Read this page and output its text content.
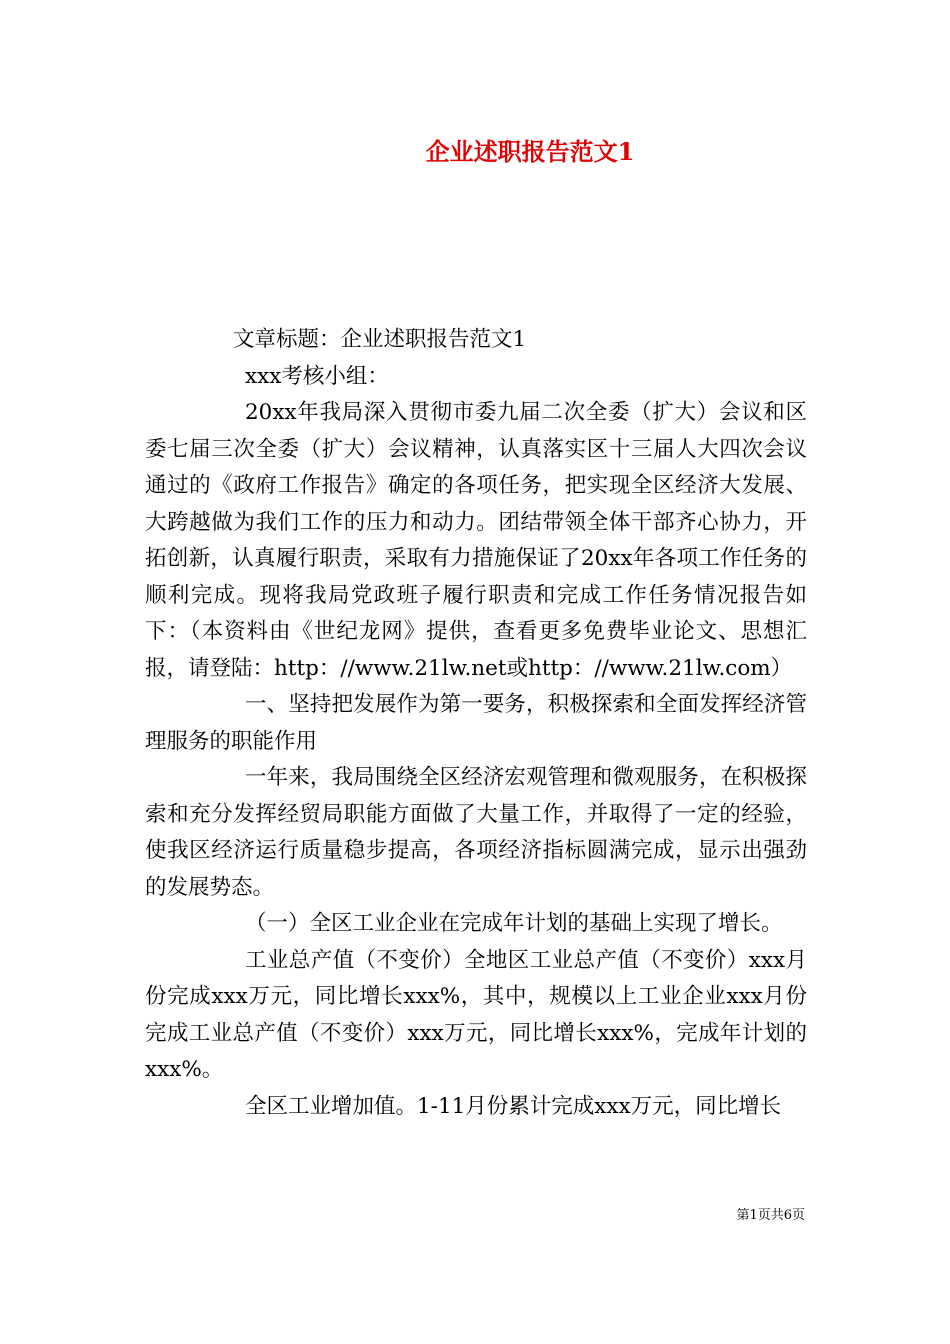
企业述职报告范文1

文章标题：企业述职报告范文1

xxx考核小组：

20xx年我局深入贯彻市委九届二次全委（扩大）会议和区委七届三次全委（扩大）会议精神，认真落实区十三届人大四次会议通过的《政府工作报告》确定的各项任务，把实现全区经济大发展、大跨越做为我们工作的压力和动力。团结带领全体干部齐心协力，开拓创新，认真履行职责，采取有力措施保证了20xx年各项工作任务的顺利完成。现将我局党政班子履行职责和完成工作任务情况报告如下：（本资料由《世纪龙网》提供，查看更多免费毕业论文、思想汇报，请登陆：http：//www.21lw.net或http：//www.21lw.com）

一、坚持把发展作为第一要务，积极探索和全面发挥经济管理服务的职能作用

一年来，我局围绕全区经济宏观管理和微观服务，在积极探索和充分发挥经贸局职能方面做了大量工作，并取得了一定的经验，使我区经济运行质量稳步提高，各项经济指标圆满完成，显示出强劲的发展势态。

（一）全区工业企业在完成年计划的基础上实现了增长。

工业总产值（不变价）全地区工业总产值（不变价）xxx月份完成xxx万元，同比增长xxx%，其中，规模以上工业企业xxx月份完成工业总产值（不变价）xxx万元，同比增长xxx%，完成年计划的xxx%。

全区工业增加值。1-11月份累计完成xxx万元，同比增长

第1页共6页
